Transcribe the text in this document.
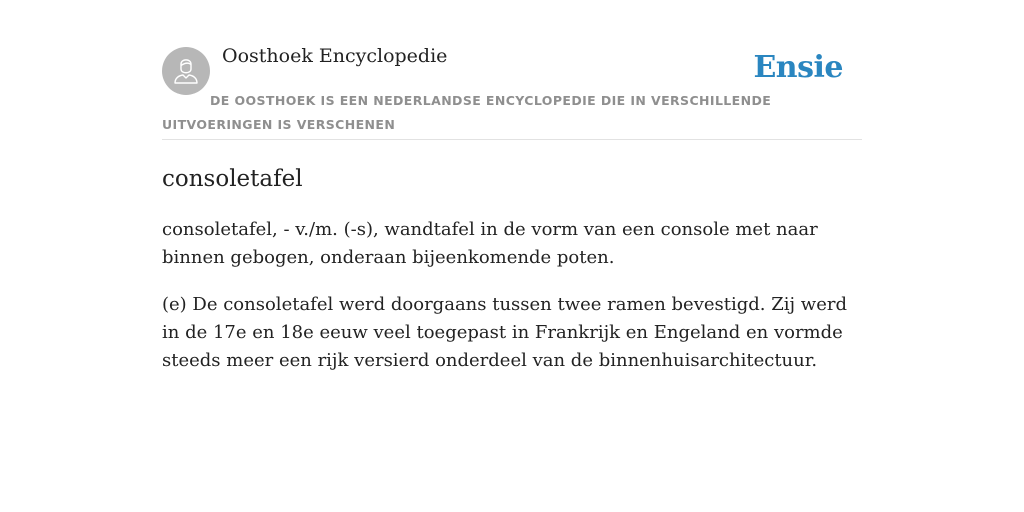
Oosthoek Encyclopedie	Ensie
DE OOSTHOEK IS EEN NEDERLANDSE ENCYCLOPEDIE DIE IN VERSCHILLENDE UITVOERINGEN IS VERSCHENEN
consoletafel

consoletafel, - v./m. (-s), wandtafel in de vorm van een console met naar binnen gebogen, onderaan bijeenkomende poten.

(e) De consoletafel werd doorgaans tussen twee ramen bevestigd. Zij werd in de 17e en 18e eeuw veel toegepast in Frankrijk en Engeland en vormde steeds meer een rijk versierd onderdeel van de binnenhuisarchitectuur.
